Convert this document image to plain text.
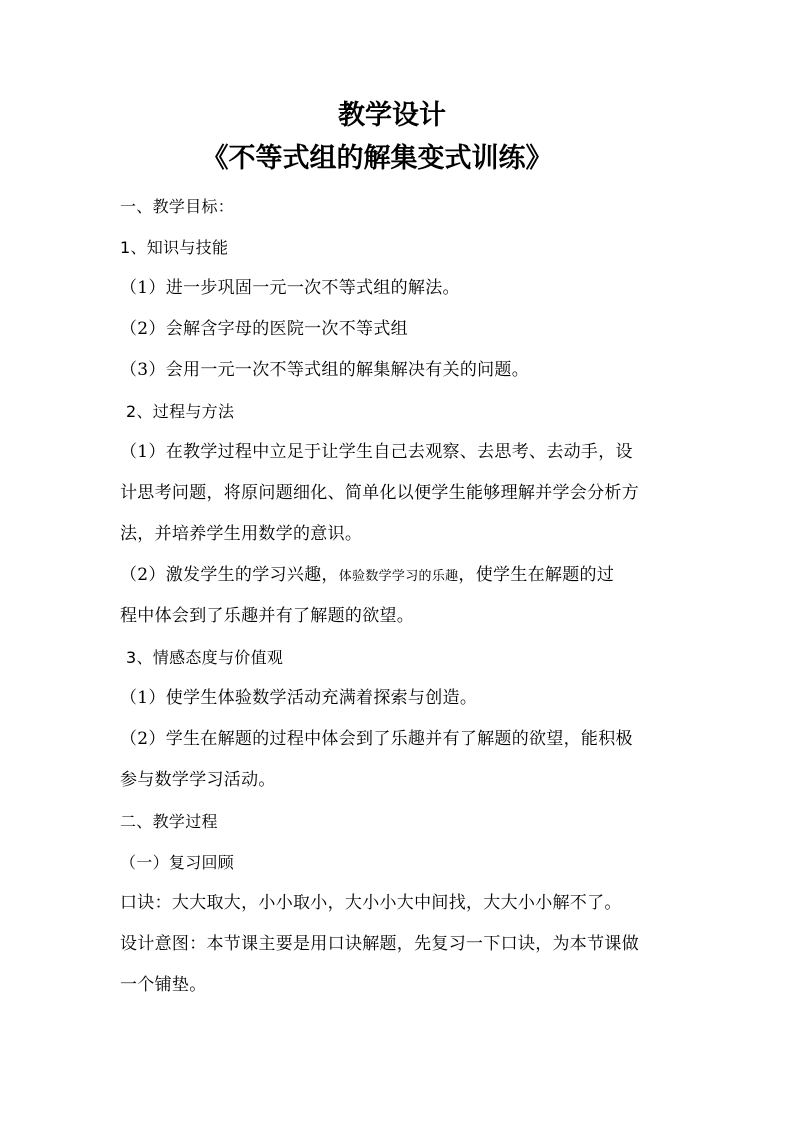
教学设计
《不等式组的解集变式训练》
一、教学目标：
1、知识与技能
（1）进一步巩固一元一次不等式组的解法。
（2）会解含字母的医院一次不等式组
（3）会用一元一次不等式组的解集解决有关的问题。
2、过程与方法
（1）在教学过程中立足于让学生自己去观察、去思考、去动手，设
计思考问题，将原问题细化、简单化以便学生能够理解并学会分析方
法，并培养学生用数学的意识。
（2）激发学生的学习兴趣，体验数学学习的乐趣，使学生在解题的过
程中体会到了乐趣并有了解题的欲望。
3、情感态度与价值观
（1）使学生体验数学活动充满着探索与创造。
（2）学生在解题的过程中体会到了乐趣并有了解题的欲望，能积极
参与数学学习活动。
二、教学过程
（一）复习回顾
口诀：大大取大，小小取小，大小小大中间找，大大小小解不了。
设计意图：本节课主要是用口诀解题，先复习一下口诀，为本节课做
一个铺垫。
